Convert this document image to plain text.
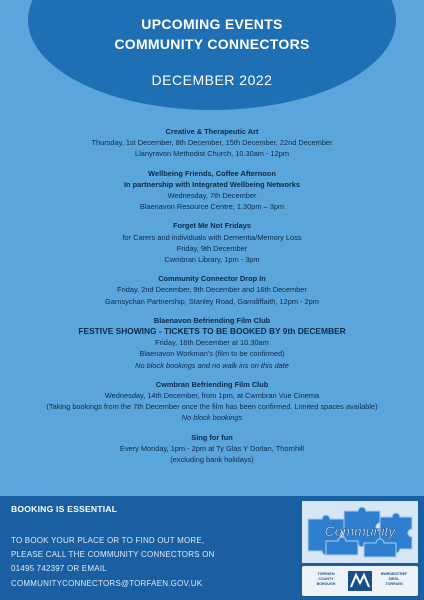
UPCOMING EVENTS
COMMUNITY CONNECTORS
DECEMBER 2022
Creative & Therapeutic Art
Thursday, 1st December, 8th December, 15th December, 22nd December
Llanyravon Methodist Church, 10.30am - 12pm
Wellbeing Friends, Coffee Afternoon
In partnership with Integrated Wellbeing Networks
Wednesday, 7th December
Blaenavon Resource Centre, 1.30pm – 3pm
Forget Me Not Fridays
for Carers and individuals with Dementia/Memory Loss
Friday, 9th December
Cwmbran Library, 1pm - 3pm
Community Connector Drop In
Friday, 2nd December, 9th December and 16th December
Garnsychan Partnership, Stanley Road, Garndiffaith, 12pm - 2pm
Blaenavon Befriending Film Club
FESTIVE SHOWING - TICKETS TO BE BOOKED BY 9th DECEMBER
Friday, 16th December at 10.30am
Blaenavon Workman’s (film to be confirmed)
No block bookings and no walk ins on this date
Cwmbran Befriending Film Club
Wednesday, 14th December, from 1pm, at Cwmbran Vue Cinema
(Taking bookings from the 7th December once the film has been confirmed. Limited spaces available)
No block bookings
Sing for fun
Every Monday, 1pm - 2pm at Ty Glas Y Dorlan, Thornhill
(excluding bank holidays)
BOOKING IS ESSENTIAL
TO BOOK YOUR PLACE OR TO FIND OUT MORE,
PLEASE CALL THE COMMUNITY CONNECTORS ON
01495 742397 OR EMAIL
COMMUNITYCONNECTORS@TORFAEN.GOV.UK
Community
TORFAEN
COUNTY
BOROUGH
BWRDEISTREF
SIROL
TORFAEN
